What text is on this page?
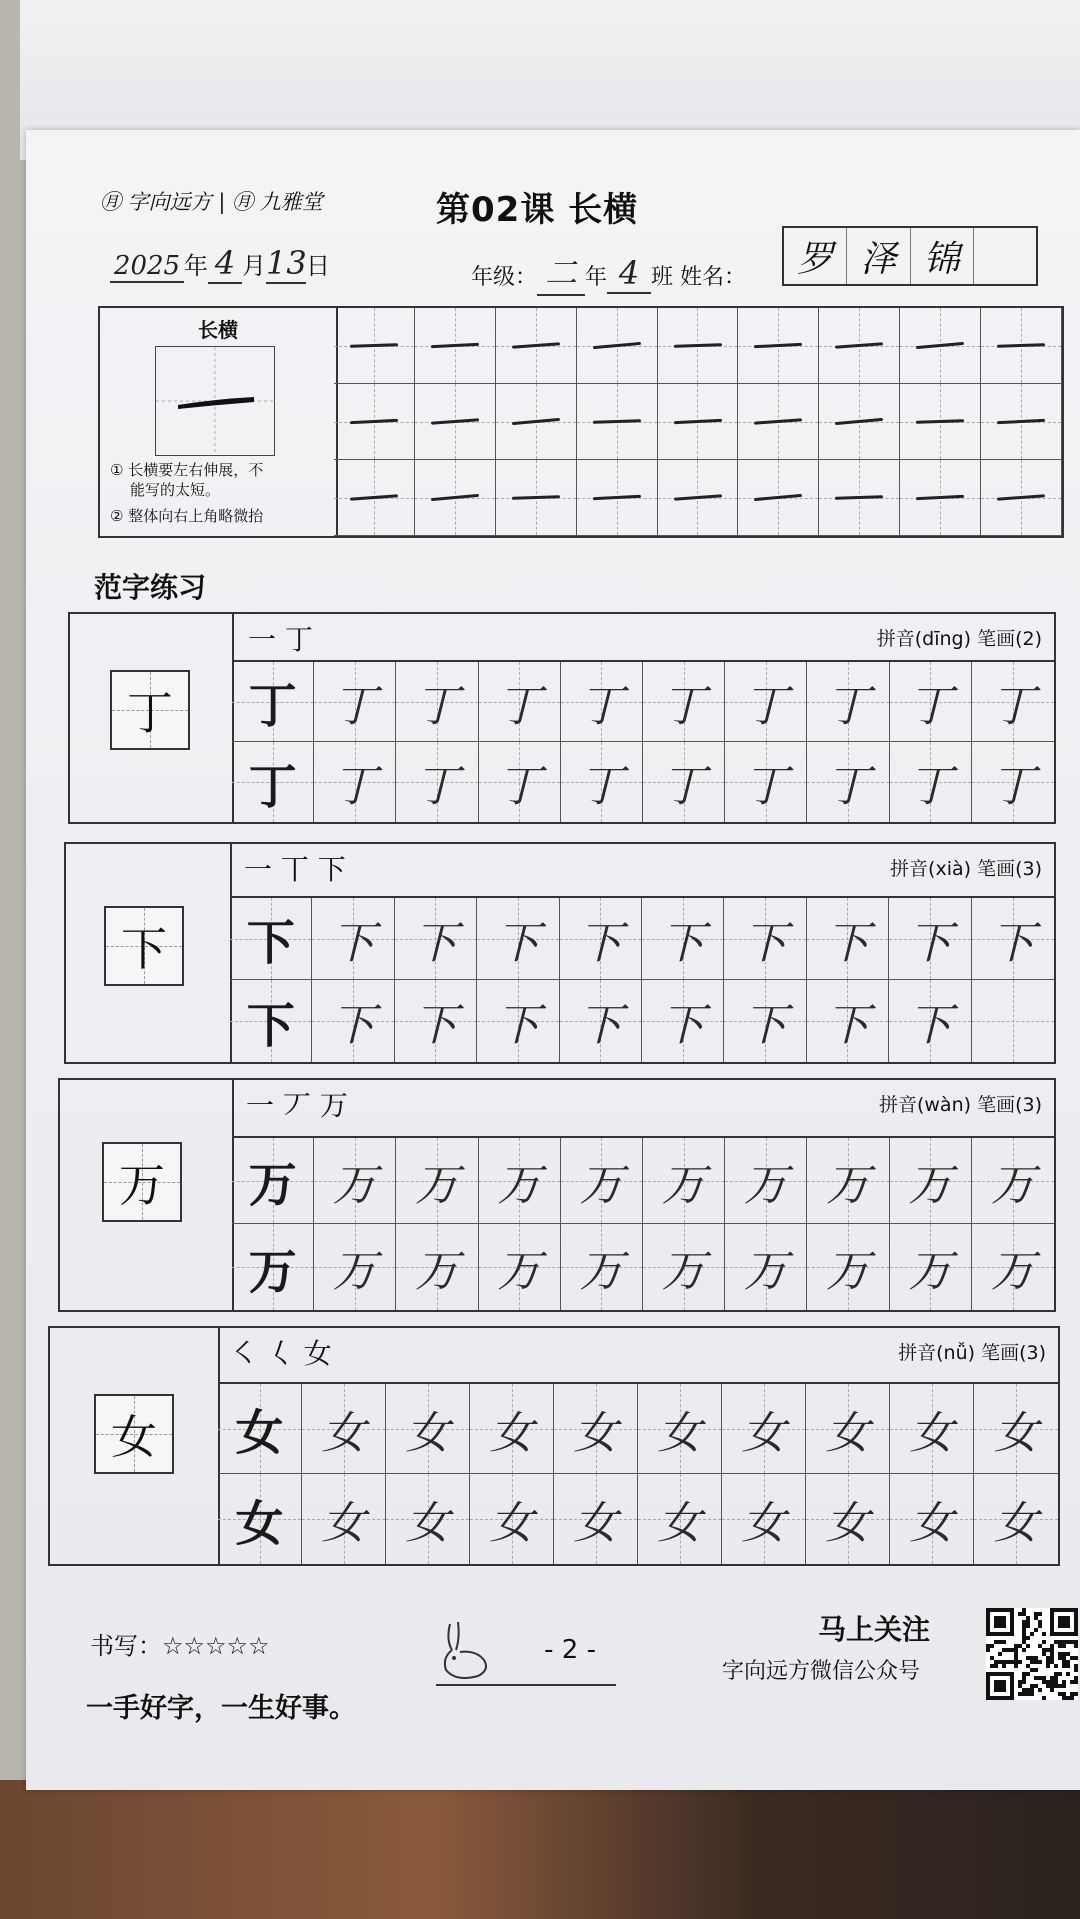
㊊ 字向远方 | ㊊ 九雅堂	第02课 长横
2025 年 4 月13日	年级： 二 年 4 班 姓名：	罗 泽 锦
长横
① 长横要左右伸展，不
能写的太短。
② 整体向右上角略微抬
范字练习
丁
一 丁	拼音(dīng) 笔画(2)
丁 丁 丁 丁 丁 丁 丁 丁 丁 丁
丁 丁 丁 丁 丁 丁 丁 丁 丁 丁
下
一 丅 下	拼音(xià) 笔画(3)
下 下 下 下 下 下 下 下 下 下
下 下 下 下 下 下 下 下 下
万
一 丆 万	拼音(wàn) 笔画(3)
万 万 万 万 万 万 万 万 万 万
万 万 万 万 万 万 万 万 万 万
女
㇛ 𡿨 女	拼音(nǚ) 笔画(3)
女 女 女 女 女 女 女 女 女 女
女 女 女 女 女 女 女 女 女 女
书写：☆☆☆☆☆
一手好字，一生好事。
- 2 -
马上关注
字向远方微信公众号
